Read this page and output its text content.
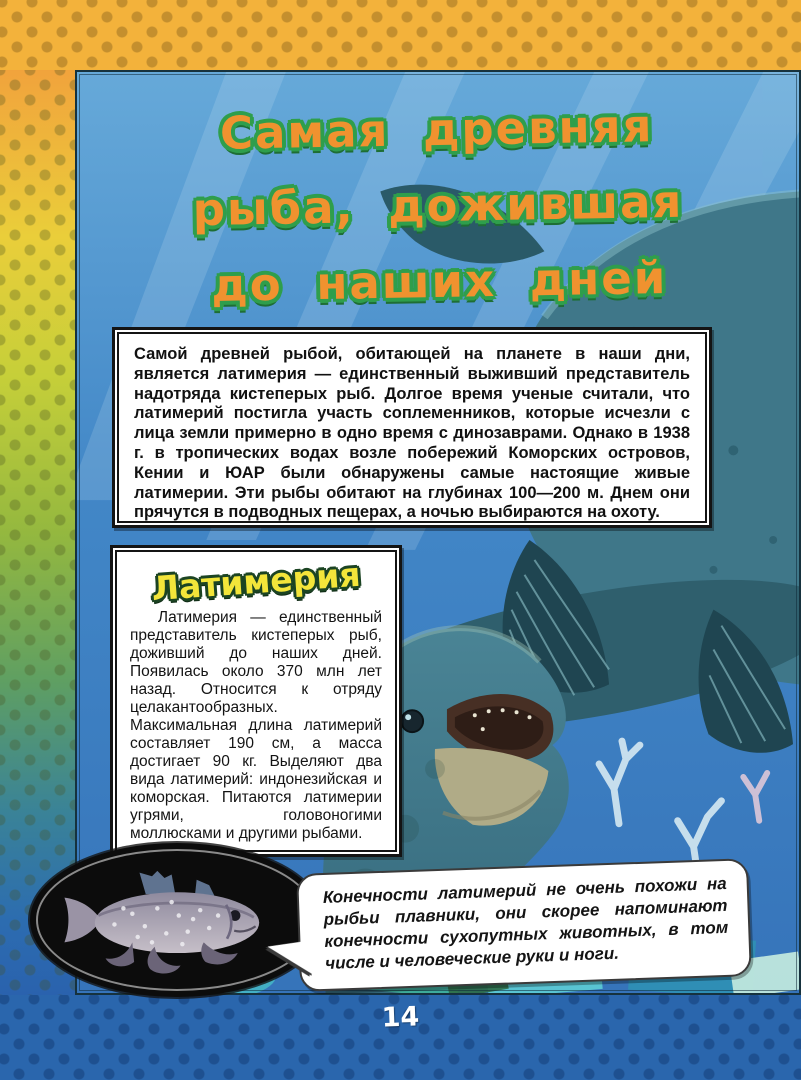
Самая древняя
рыба, дожившая
до наших дней
Самой древней рыбой, обитающей на планете в наши дни, является латимерия — единственный выживший представитель надотряда кистеперых рыб. Долгое время ученые считали, что латимерий постигла участь соплеменников, которые исчезли с лица земли примерно в одно время с динозаврами. Однако в 1938 г. в тропических водах возле побережий Коморских островов, Кении и ЮАР были обнаружены самые настоящие живые латимерии. Эти рыбы обитают на глубинах 100—200 м. Днем они прячутся в подводных пещерах, а ночью выбираются на охоту.
Латимерия
Латимерия — единственный представитель кистеперых рыб, доживший до наших дней. Появилась около 370 млн лет назад. Относится к отряду целакантообразных. Максимальная длина латимерий составляет 190 см, а масса достигает 90 кг. Выделяют два вида латимерий: индонезийская и коморская. Питаются латимерии угрями, головоногими моллюсками и другими рыбами.
Конечности латимерий не очень похожи на рыбьи плавники, они скорее напоминают конечности сухопутных животных, в том числе и человеческие руки и ноги.
14
